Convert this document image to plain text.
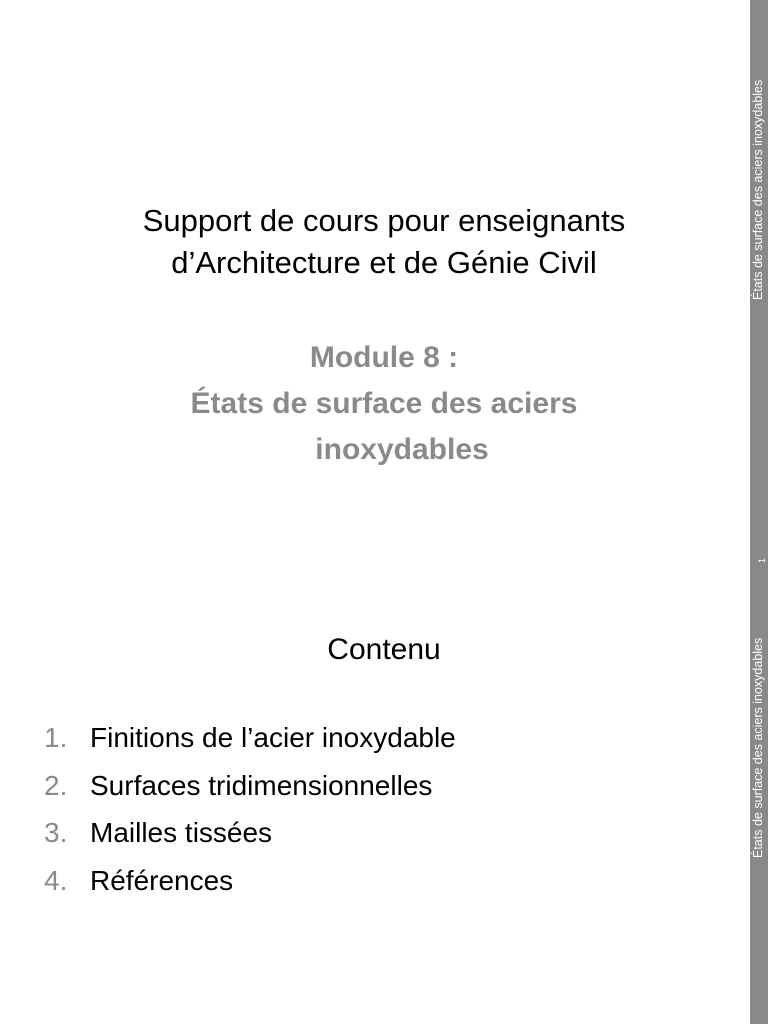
Support de cours pour enseignants
d’Architecture et de Génie Civil
Module 8 :
États de surface des aciers
inoxydables
Contenu
1. Finitions de l’acier inoxydable
2. Surfaces tridimensionnelles
3. Mailles tissées
4. Références
États de surface des aciers inoxydables
États de surface des aciers inoxydables
1
